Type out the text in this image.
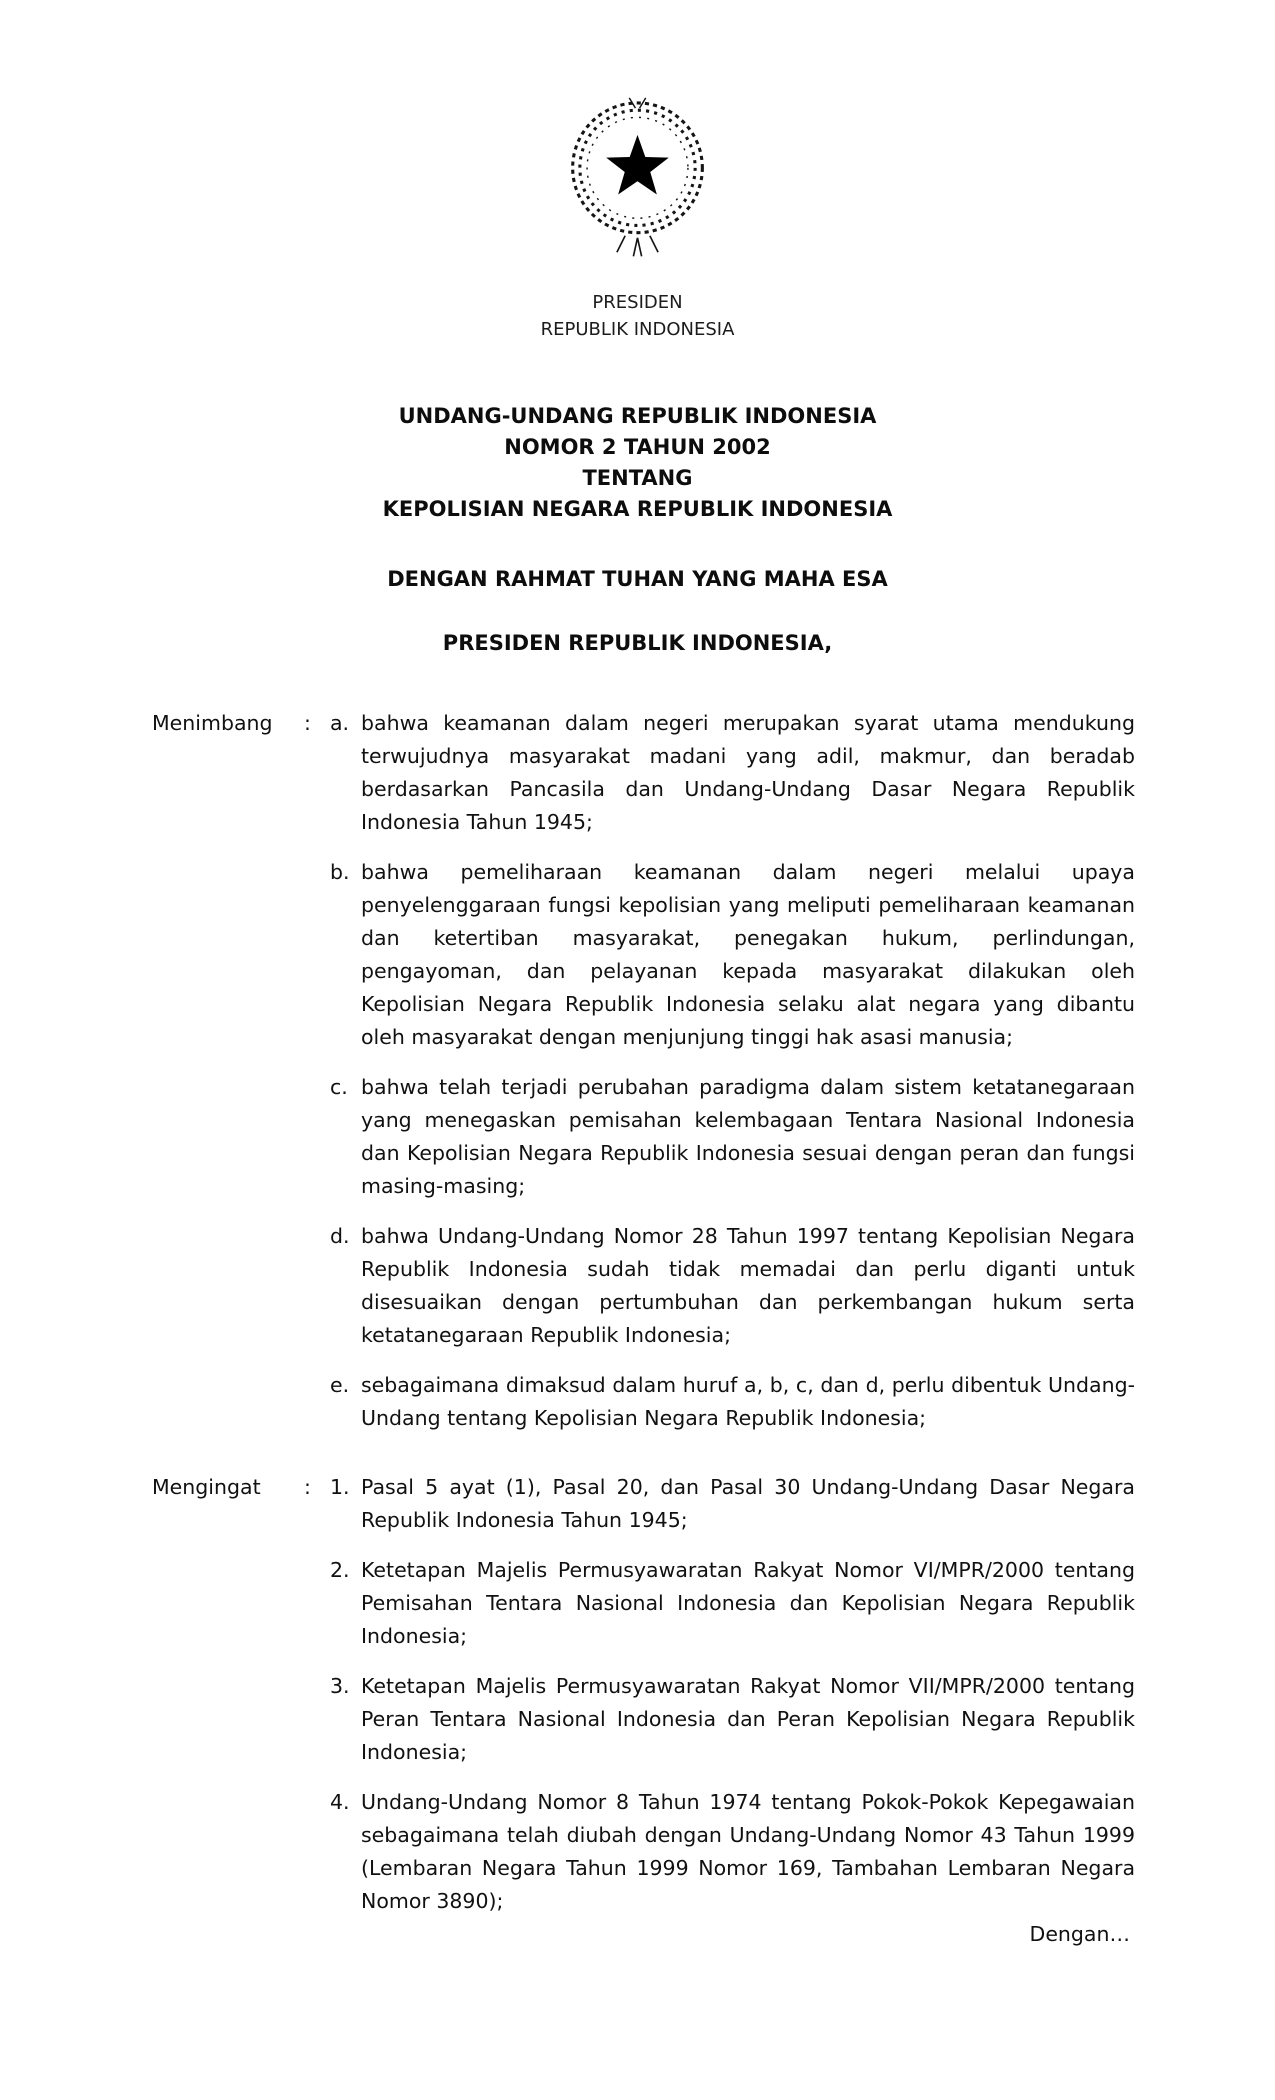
PRESIDEN
REPUBLIK INDONESIA
UNDANG-UNDANG REPUBLIK INDONESIA
NOMOR 2 TAHUN 2002
TENTANG
KEPOLISIAN NEGARA REPUBLIK INDONESIA
DENGAN RAHMAT TUHAN YANG MAHA ESA
PRESIDEN REPUBLIK INDONESIA,
Menimbang	: a. bahwa keamanan dalam negeri merupakan syarat utama mendukung terwujudnya masyarakat madani yang adil, makmur, dan beradab berdasarkan Pancasila dan Undang-Undang Dasar Negara Republik Indonesia Tahun 1945;

b. bahwa pemeliharaan keamanan dalam negeri melalui upaya penyelenggaraan fungsi kepolisian yang meliputi pemeliharaan keamanan dan ketertiban masyarakat, penegakan hukum, perlindungan, pengayoman, dan pelayanan kepada masyarakat dilakukan oleh Kepolisian Negara Republik Indonesia selaku alat negara yang dibantu oleh masyarakat dengan menjunjung tinggi hak asasi manusia;

c. bahwa telah terjadi perubahan paradigma dalam sistem ketatanegaraan yang menegaskan pemisahan kelembagaan Tentara Nasional Indonesia dan Kepolisian Negara Republik Indonesia sesuai dengan peran dan fungsi masing-masing;

d. bahwa Undang-Undang Nomor 28 Tahun 1997 tentang Kepolisian Negara Republik Indonesia sudah tidak memadai dan perlu diganti untuk disesuaikan dengan pertumbuhan dan perkembangan hukum serta ketatanegaraan Republik Indonesia;

e. sebagaimana dimaksud dalam huruf a, b, c, dan d, perlu dibentuk Undang-Undang tentang Kepolisian Negara Republik Indonesia;

Mengingat	: 1. Pasal 5 ayat (1), Pasal 20, dan Pasal 30 Undang-Undang Dasar Negara Republik Indonesia Tahun 1945;

2. Ketetapan Majelis Permusyawaratan Rakyat Nomor VI/MPR/2000 tentang Pemisahan Tentara Nasional Indonesia dan Kepolisian Negara Republik Indonesia;

3. Ketetapan Majelis Permusyawaratan Rakyat Nomor VII/MPR/2000 tentang Peran Tentara Nasional Indonesia dan Peran Kepolisian Negara Republik Indonesia;

4. Undang-Undang Nomor 8 Tahun 1974 tentang Pokok-Pokok Kepegawaian sebagaimana telah diubah dengan Undang-Undang Nomor 43 Tahun 1999 (Lembaran Negara Tahun 1999 Nomor 169, Tambahan Lembaran Negara Nomor 3890);

Dengan…
